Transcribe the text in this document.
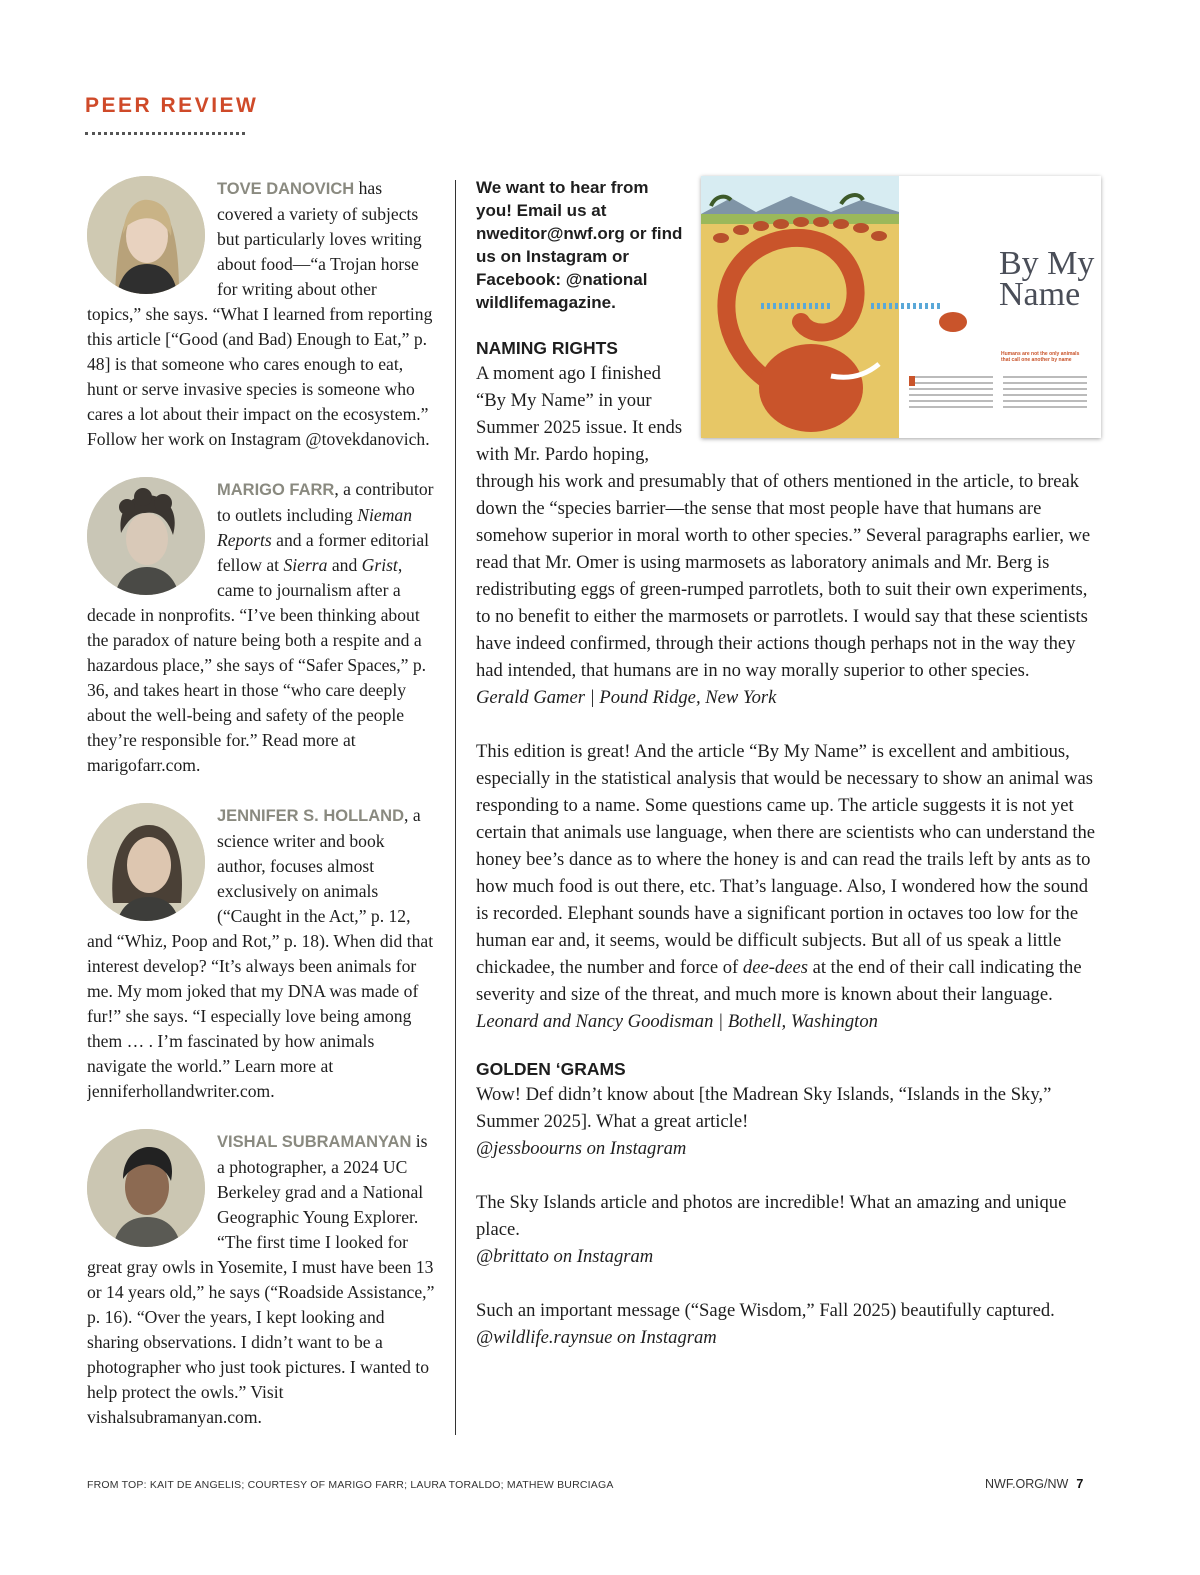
PEER REVIEW

TOVE DANOVICH has covered a variety of subjects but particularly loves writing about food—“a Trojan horse for writing about other topics,” she says. “What I learned from reporting this article [“Good (and Bad) Enough to Eat,” p. 48] is that someone who cares enough to eat, hunt or serve invasive species is someone who cares a lot about their impact on the ecosystem.” Follow her work on Instagram @tovekdanovich.

MARIGO FARR, a contributor to outlets including Nieman Reports and a former editorial fellow at Sierra and Grist, came to journalism after a decade in nonprofits. “I’ve been thinking about the paradox of nature being both a respite and a hazardous place,” she says of “Safer Spaces,” p. 36, and takes heart in those “who care deeply about the well-being and safety of the people they’re responsible for.” Read more at marigofarr.com.

JENNIFER S. HOLLAND, a science writer and book author, focuses almost exclusively on animals (“Caught in the Act,” p. 12, and “Whiz, Poop and Rot,” p. 18). When did that interest develop? “It’s always been animals for me. My mom joked that my DNA was made of fur!” she says. “I especially love being among them … . I’m fascinated by how animals navigate the world.” Learn more at jenniferhollandwriter.com.

VISHAL SUBRAMANYAN is a photographer, a 2024 UC Berkeley grad and a National Geographic Young Explorer. “The first time I looked for great gray owls in Yosemite, I must have been 13 or 14 years old,” he says (“Roadside Assistance,” p. 16). “Over the years, I kept looking and sharing observations. I didn’t want to be a photographer who just took pictures. I wanted to help protect the owls.” Visit vishalsubramanyan.com.

By My Name
Humans are not the only animals that call one another by name

We want to hear from you! Email us at nweditor@nwf.org or find us on Instagram or Facebook: @national wildlifemagazine.

NAMING RIGHTS

A moment ago I finished “By My Name” in your Summer 2025 issue. It ends with Mr. Pardo hoping, through his work and presumably that of others mentioned in the article, to break down the “species barrier—the sense that most people have that humans are somehow superior in moral worth to other species.” Several paragraphs earlier, we read that Mr. Omer is using marmosets as laboratory animals and Mr. Berg is redistributing eggs of green-rumped parrotlets, both to suit their own experiments, to no benefit to either the marmosets or parrotlets. I would say that these scientists have indeed confirmed, through their actions though perhaps not in the way they had intended, that humans are in no way morally superior to other species.

Gerald Gamer | Pound Ridge, New York

This edition is great! And the article “By My Name” is excellent and ambitious, especially in the statistical analysis that would be necessary to show an animal was responding to a name. Some questions came up. The article suggests it is not yet certain that animals use language, when there are scientists who can understand the honey bee’s dance as to where the honey is and can read the trails left by ants as to how much food is out there, etc. That’s language. Also, I wondered how the sound is recorded. Elephant sounds have a significant portion in octaves too low for the human ear and, it seems, would be difficult subjects. But all of us speak a little chickadee, the number and force of dee-dees at the end of their call indicating the severity and size of the threat, and much more is known about their language.

Leonard and Nancy Goodisman | Bothell, Washington

GOLDEN ‘GRAMS

Wow! Def didn’t know about [the Madrean Sky Islands, “Islands in the Sky,” Summer 2025]. What a great article!

@jessboourns on Instagram

The Sky Islands article and photos are incredible! What an amazing and unique place.

@brittato on Instagram

Such an important message (“Sage Wisdom,” Fall 2025) beautifully captured.

@wildlife.raynsue on Instagram

FROM TOP: KAIT DE ANGELIS; COURTESY OF MARIGO FARR; LAURA TORALDO; MATHEW BURCIAGA	NWF.ORG/NW 7
